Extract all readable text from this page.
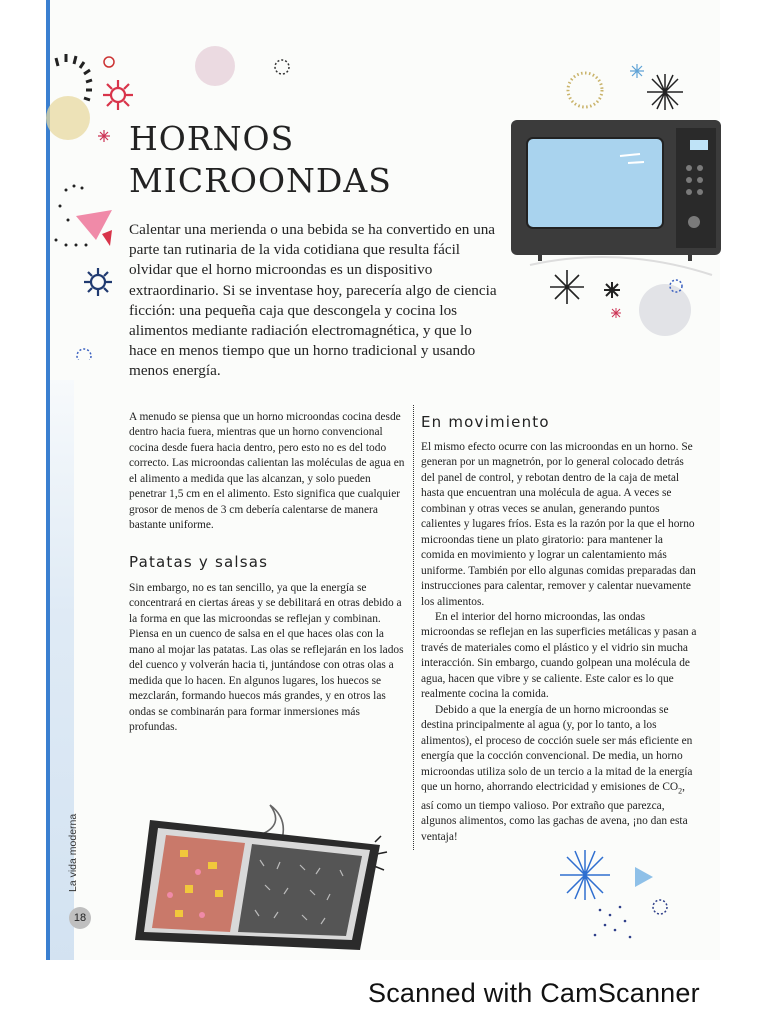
HORNOS
MICROONDAS

Calentar una merienda o una bebida se ha convertido en una parte tan rutinaria de la vida cotidiana que resulta fácil olvidar que el horno microondas es un dispositivo extraordinario. Si se inventase hoy, parecería algo de ciencia ficción: una pequeña caja que descongela y cocina los alimentos mediante radiación electromagnética, y que lo hace en menos tiempo que un horno tradicional y usando menos energía.

A menudo se piensa que un horno microondas cocina desde dentro hacia fuera, mientras que un horno convencional cocina desde fuera hacia dentro, pero esto no es del todo correcto. Las microondas calientan las moléculas de agua en el alimento a medida que las alcanzan, y solo pueden penetrar 1,5 cm en el alimento. Esto significa que cualquier grosor de menos de 3 cm debería calentarse de manera bastante uniforme.

Patatas y salsas

Sin embargo, no es tan sencillo, ya que la energía se concentrará en ciertas áreas y se debilitará en otras debido a la forma en que las microondas se reflejan y combinan. Piensa en un cuenco de salsa en el que haces olas con la mano al mojar las patatas. Las olas se reflejarán en los lados del cuenco y volverán hacia ti, juntándose con otras olas a medida que lo hacen. En algunos lugares, los huecos se mezclarán, formando huecos más grandes, y en otros las ondas se combinarán para formar inmersiones más profundas.

En movimiento
El mismo efecto ocurre con las microondas en un horno. Se generan por un magnetrón, por lo general colocado detrás del panel de control, y rebotan dentro de la caja de metal hasta que encuentran una molécula de agua. A veces se combinan y otras veces se anulan, generando puntos calientes y lugares fríos. Esta es la razón por la que el horno microondas tiene un plato giratorio: para mantener la comida en movimiento y lograr un calentamiento más uniforme. También por ello algunas comidas preparadas dan instrucciones para calentar, remover y calentar nuevamente los alimentos.
En el interior del horno microondas, las ondas microondas se reflejan en las superficies metálicas y pasan a través de materiales como el plástico y el vidrio sin mucha interacción. Sin embargo, cuando golpean una molécula de agua, hacen que vibre y se caliente. Este calor es lo que realmente cocina la comida.
Debido a que la energía de un horno microondas se destina principalmente al agua (y, por lo tanto, a los alimentos), el proceso de cocción suele ser más eficiente en energía que la cocción convencional. De media, un horno microondas utiliza solo de un tercio a la mitad de la energía que un horno, ahorrando electricidad y emisiones de $CO_2$, así como un tiempo valioso. Por extraño que parezca, algunos alimentos, como las gachas de avena, ¡no dan esta ventaja!
La vida moderna
18
Scanned with CamScanner
